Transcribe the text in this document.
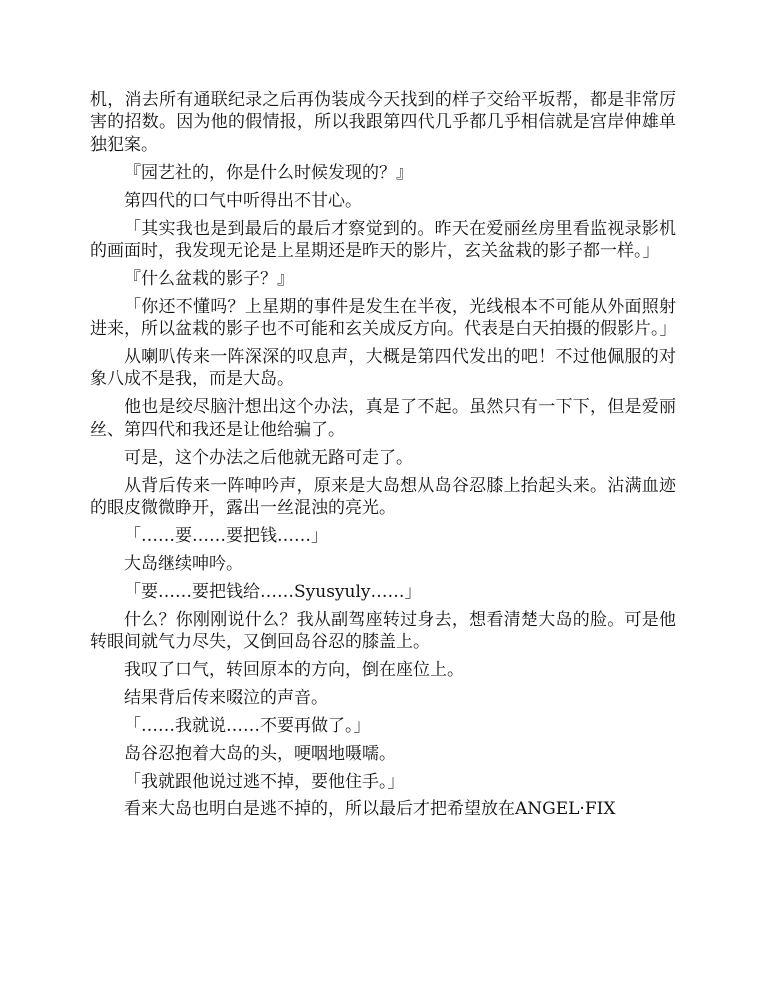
机，消去所有通联纪录之后再伪装成今天找到的样子交给平坂帮，都是非常厉害的招数。因为他的假情报，所以我跟第四代几乎都几乎相信就是宫岸伸雄单独犯案。

『园艺社的，你是什么时候发现的？』

第四代的口气中听得出不甘心。

「其实我也是到最后的最后才察觉到的。昨天在爱丽丝房里看监视录影机的画面时，我发现无论是上星期还是昨天的影片，玄关盆栽的影子都一样。」

『什么盆栽的影子？』

「你还不懂吗？上星期的事件是发生在半夜，光线根本不可能从外面照射进来，所以盆栽的影子也不可能和玄关成反方向。代表是白天拍摄的假影片。」

从喇叭传来一阵深深的叹息声，大概是第四代发出的吧！不过他佩服的对象八成不是我，而是大岛。

他也是绞尽脑汁想出这个办法，真是了不起。虽然只有一下下，但是爱丽丝、第四代和我还是让他给骗了。

可是，这个办法之后他就无路可走了。

从背后传来一阵呻吟声，原来是大岛想从岛谷忍膝上抬起头来。沾满血迹的眼皮微微睁开，露出一丝混浊的亮光。

「……要……要把钱……」

大岛继续呻吟。

「要……要把钱给……Syusyuly……」

什么？你刚刚说什么？我从副驾座转过身去，想看清楚大岛的脸。可是他转眼间就气力尽失，又倒回岛谷忍的膝盖上。

我叹了口气，转回原本的方向，倒在座位上。

结果背后传来啜泣的声音。

「……我就说……不要再做了。」

岛谷忍抱着大岛的头，哽咽地嗫嚅。

「我就跟他说过逃不掉，要他住手。」

看来大岛也明白是逃不掉的，所以最后才把希望放在ANGEL·FIX
